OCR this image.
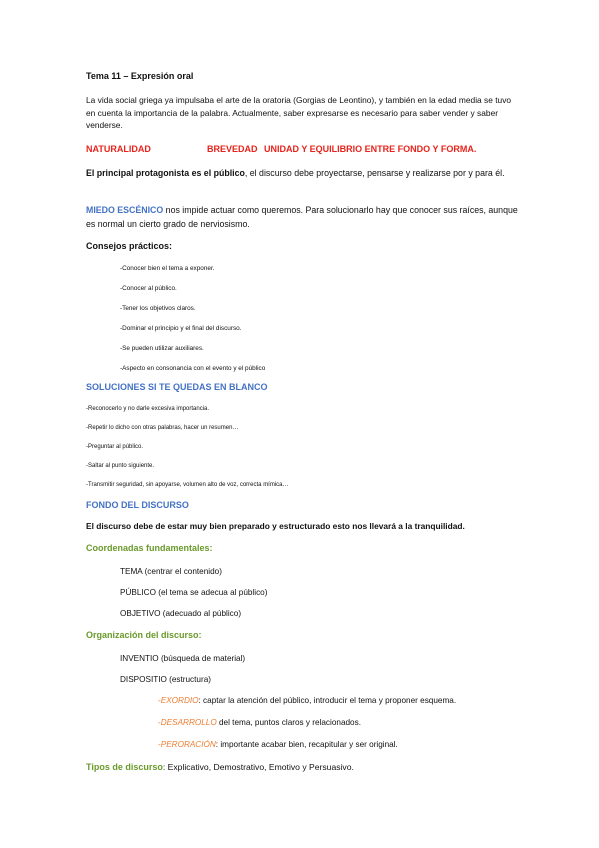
Tema 11 – Expresión oral
La vida social griega ya impulsaba el arte de la oratoria (Gorgias de Leontino), y también en la edad media se tuvo en cuenta la importancia de la palabra. Actualmente, saber expresarse es necesario para saber vender y saber venderse.
NATURALIDAD	BREVEDAD UNIDAD Y EQUILIBRIO ENTRE FONDO Y FORMA.
El principal protagonista es el público, el discurso debe proyectarse, pensarse y realizarse por y para él.
MIEDO ESCÉNICO nos impide actuar como queremos. Para solucionarlo hay que conocer sus raíces, aunque es normal un cierto grado de nerviosismo.
Consejos prácticos:
-Conocer bien el tema a exponer.
-Conocer al público.
-Tener los objetivos claros.
-Dominar el principio y el final del discurso.
-Se pueden utilizar auxiliares.
-Aspecto en consonancia con el evento y el público
SOLUCIONES SI TE QUEDAS EN BLANCO
-Reconocerlo y no darle excesiva importancia.
-Repetir lo dicho con otras palabras, hacer un resumen…
-Preguntar al público.
-Saltar al punto siguiente.
-Transmitir seguridad, sin apoyarse, volumen alto de voz, correcta mímica…
FONDO DEL DISCURSO
El discurso debe de estar muy bien preparado y estructurado esto nos llevará a la tranquilidad.
Coordenadas fundamentales:
TEMA (centrar el contenido)
PÚBLICO (el tema se adecua al público)
OBJETIVO (adecuado al público)
Organización del discurso:
INVENTIO (búsqueda de material)
DISPOSITIO (estructura)
-EXORDIO: captar la atención del público, introducir el tema y proponer esquema.
-DESARROLLO del tema, puntos claros y relacionados.
-PERORACIÓN: importante acabar bien, recapitular y ser original.
Tipos de discurso: Explicativo, Demostrativo, Emotivo y Persuasivo.
